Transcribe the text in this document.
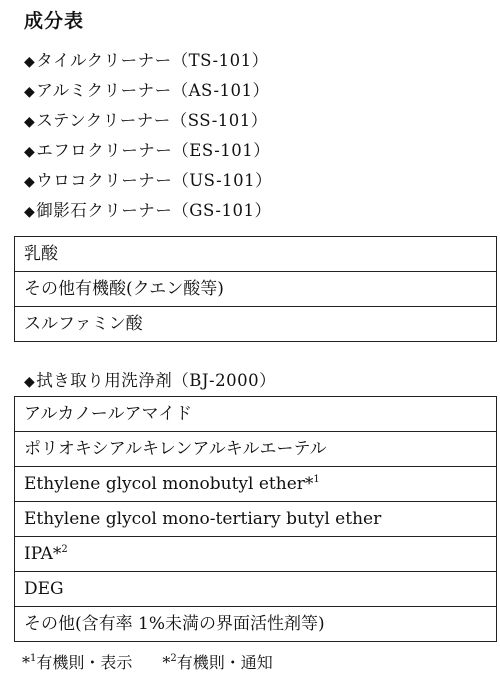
成分表
◆タイルクリーナー（TS-101）
◆アルミクリーナー（AS-101）
◆ステンクリーナー（SS-101）
◆エフロクリーナー（ES-101）
◆ウロコクリーナー（US-101）
◆御影石クリーナー（GS-101）
乳酸
その他有機酸(クエン酸等)
スルファミン酸
◆拭き取り用洗浄剤（BJ-2000）
アルカノールアマイド
ポリオキシアルキレンアルキルエーテル
Ethylene glycol monobutyl ether*$^1$
Ethylene glycol mono-tertiary butyl ether
IPA*$^2$
DEG
その他(含有率 1%未満の界面活性剤等)
*$^1$有機則・表示 *$^2$有機則・通知
